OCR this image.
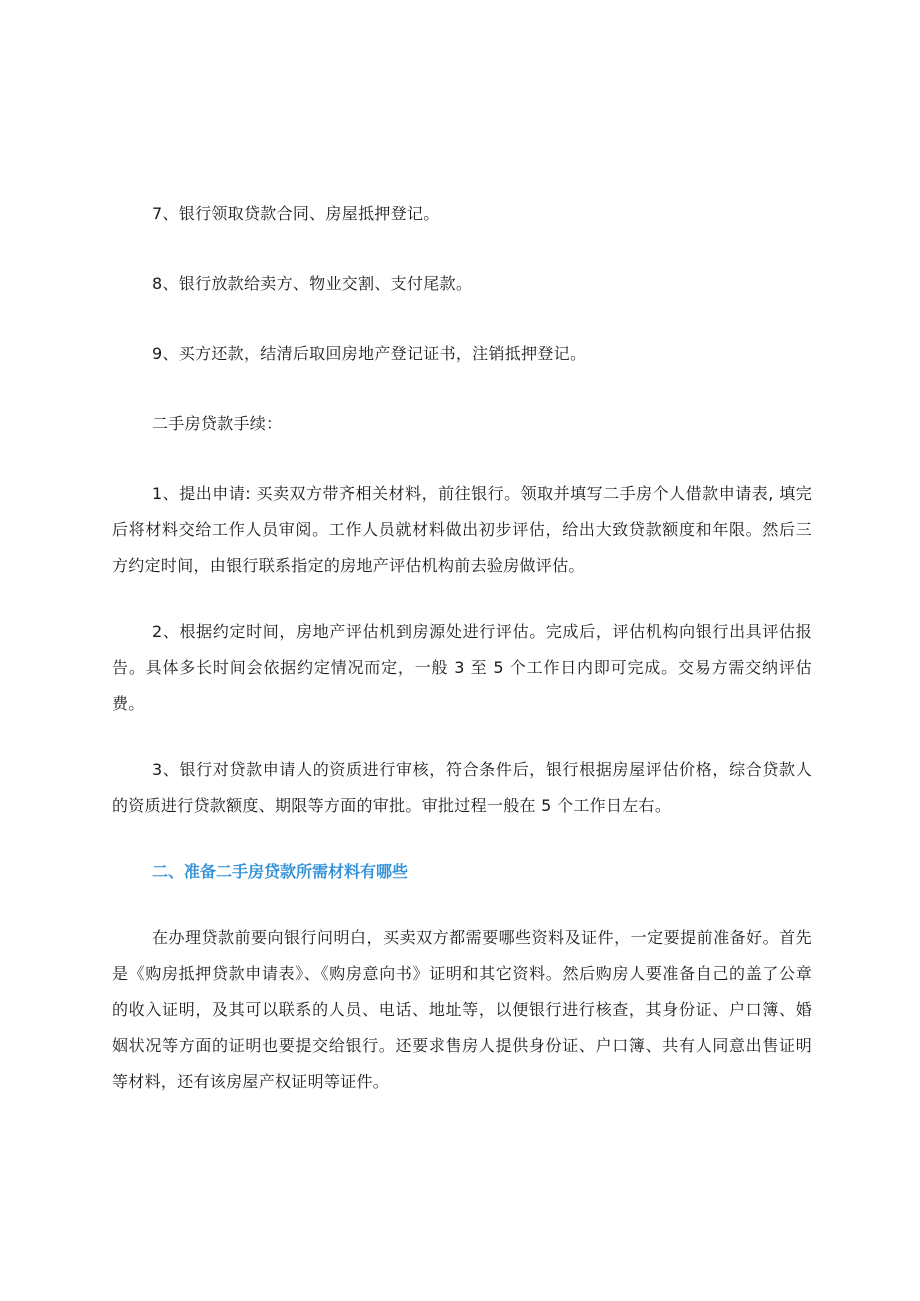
7、银行领取贷款合同、房屋抵押登记。

8、银行放款给卖方、物业交割、支付尾款。

9、买方还款，结清后取回房地产登记证书，注销抵押登记。

二手房贷款手续：

1、提出申请: 买卖双方带齐相关材料，前往银行。领取并填写二手房个人借款申请表, 填完后将材料交给工作人员审阅。工作人员就材料做出初步评估，给出大致贷款额度和年限。然后三方约定时间，由银行联系指定的房地产评估机构前去验房做评估。

2、根据约定时间，房地产评估机到房源处进行评估。完成后，评估机构向银行出具评估报告。具体多长时间会依据约定情况而定，一般 3 至 5 个工作日内即可完成。交易方需交纳评估费。

3、银行对贷款申请人的资质进行审核，符合条件后，银行根据房屋评估价格，综合贷款人的资质进行贷款额度、期限等方面的审批。审批过程一般在 5 个工作日左右。

二、准备二手房贷款所需材料有哪些

在办理贷款前要向银行问明白，买卖双方都需要哪些资料及证件，一定要提前准备好。首先是《购房抵押贷款申请表》、《购房意向书》证明和其它资料。然后购房人要准备自己的盖了公章的收入证明，及其可以联系的人员、电话、地址等，以便银行进行核查，其身份证、户口簿、婚姻状况等方面的证明也要提交给银行。还要求售房人提供身份证、户口簿、共有人同意出售证明等材料，还有该房屋产权证明等证件。
